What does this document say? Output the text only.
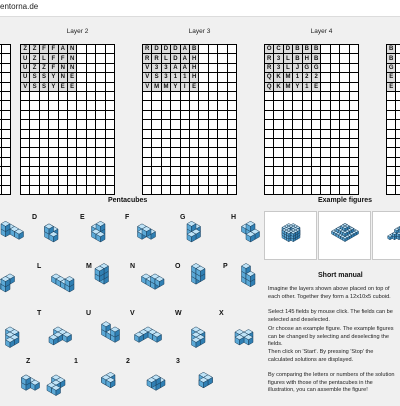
entorna.de
Layer 2
Z Z F F A N
U Z L F F N
U Z Z F N N
U S S Y N E
V S S Y E E
Layer 3
R D D D A B
R R L D A H
V 3	3 A A H
V S 3	1	1 H
V M M Y	I	E
Layer 4
O C D B B B
R 3 L B H B
R 3 L J G G
Q K M 1	2	2
Q K M Y 1 E
B
B
G
E
E
Pentacubes	Example figures
D	E	F	G	H
L	M	N	O	P
T	U	V	W	X
Z	1	2	3
Short manual

Imagine the layers shown above placed on top of each other. Together they form a 12x10x5 cuboid.

Select 145 fields by mouse click. The fields can be selected and deselected.

Or choose an example figure. The example figures can be changed by selecting and deselecting the fields.

Then click on 'Start'. By pressing 'Stop' the calculated solutions are displayed.

By comparing the letters or numbers of the solution figures with those of the pentacubes in the illustration, you can assemble the figure!
